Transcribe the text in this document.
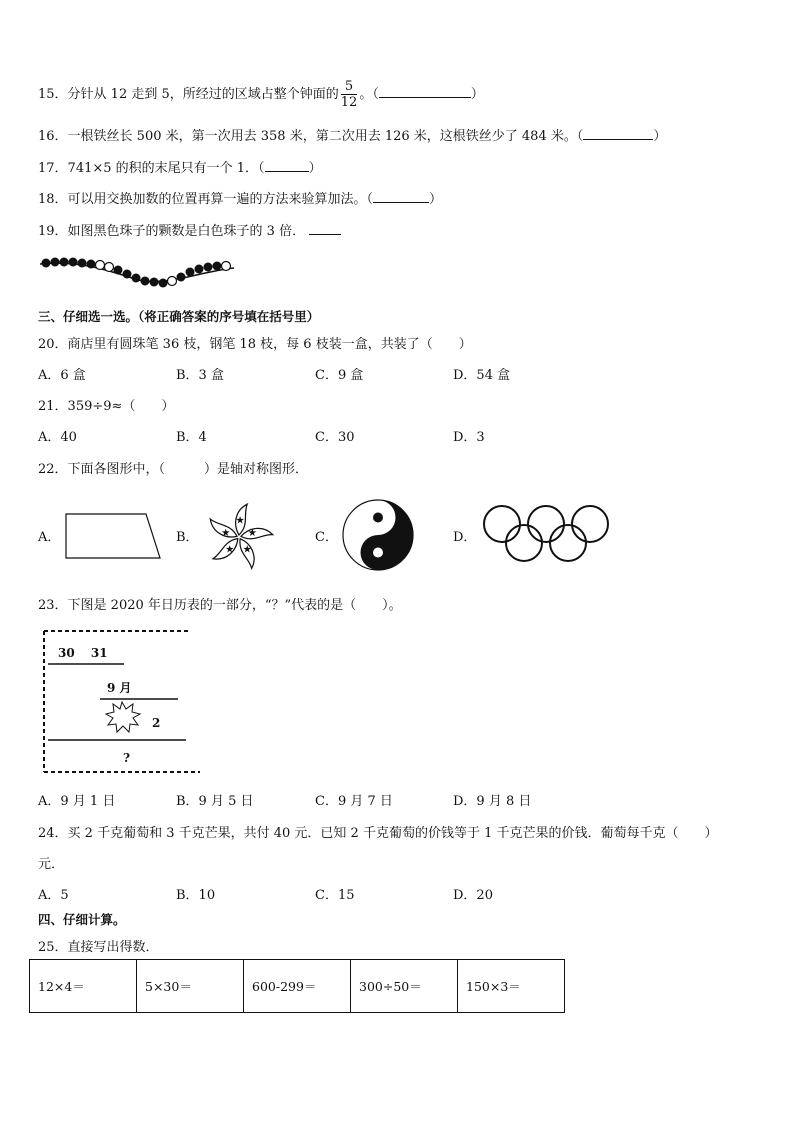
15．分针从 12 走到 5，所经过的区域占整个钟面的 $\frac{5}{12}$ 。（	）
16．一根铁丝长 500 米，第一次用去 358 米，第二次用去 126 米，这根铁丝少了 484 米。（	）
17．741×5 的积的末尾只有一个 1．（	）
18．可以用交换加数的位置再算一遍的方法来验算加法。（	）
19．如图黑色珠子的颗数是白色珠子的 3 倍．
三、仔细选一选。（将正确答案的序号填在括号里）
20．商店里有圆珠笔 36 枝，钢笔 18 枝，每 6 枝装一盒，共装了（　　）
A．6 盒	B．3 盒	C．9 盒	D．54 盒
21．359÷9≈（　　）
A．40	B．4	C．30	D．3
22．下面各图形中，（　　　）是轴对称图形．
A．	B．
★
★
★
★
★	C．	D．
23．下图是 2020 年日历表的一部分，“？”代表的是（　　）。
30　 31
9 月
2
?
A．9 月 1 日	B．9 月 5 日	C．9 月 7 日	D．9 月 8 日
24．买 2 千克葡萄和 3 千克芒果，共付 40 元．已知 2 千克葡萄的价钱等于 1 千克芒果的价钱．葡萄每千克（　　）
元．
A．5	B．10	C．15	D．20
四、仔细计算。
25．直接写出得数．
12×4＝	5×30＝	600-299＝	300÷50＝	150×3＝
